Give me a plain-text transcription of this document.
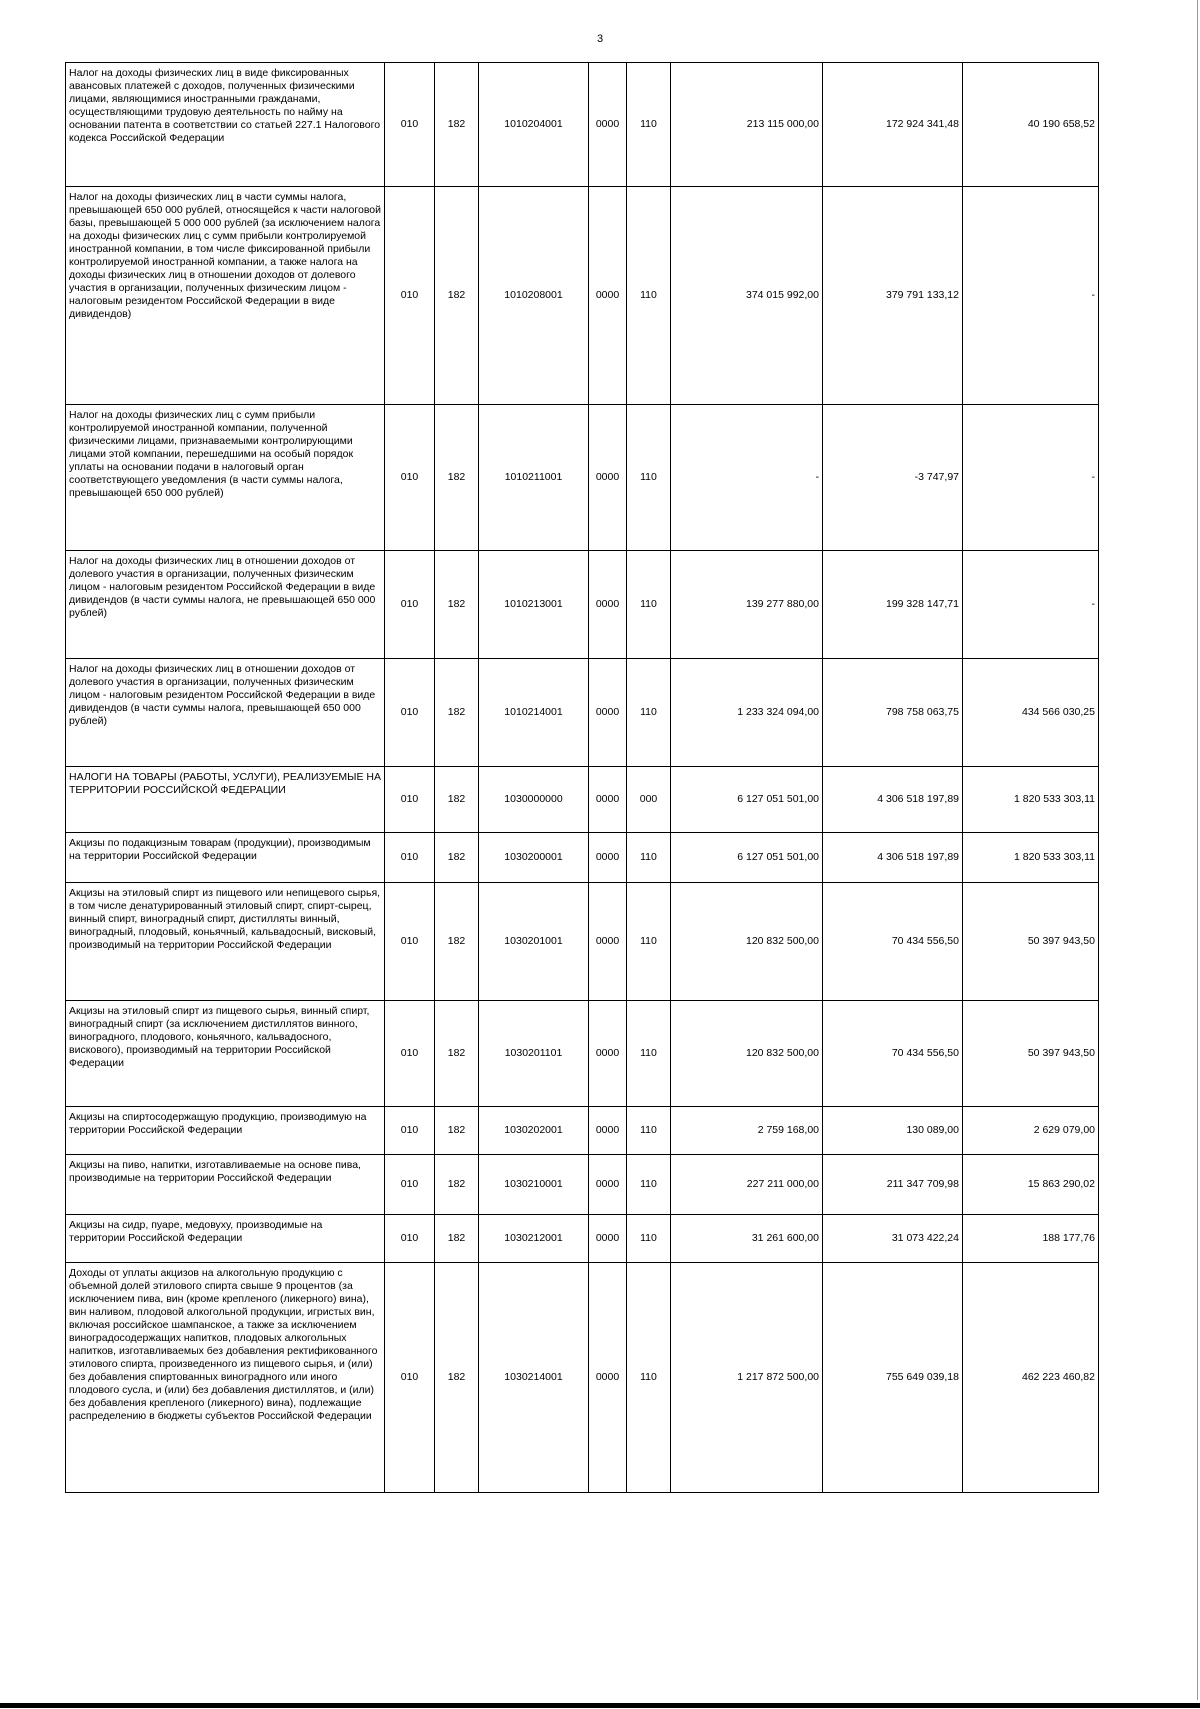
3
Налог на доходы физических лиц в виде фиксированных авансовых платежей с доходов, полученных физическими лицами, являющимися иностранными гражданами, осуществляющими трудовую деятельность по найму на основании патента в соответствии со статьей 227.1 Налогового кодекса Российской Федерации	010	182	1010204001	0000	110	213 115 000,00	172 924 341,48	40 190 658,52
Налог на доходы физических лиц в части суммы налога, превышающей 650 000 рублей, относящейся к части налоговой базы, превышающей 5 000 000 рублей (за исключением налога на доходы физических лиц с сумм прибыли контролируемой иностранной компании, в том числе фиксированной прибыли контролируемой иностранной компании, а также налога на доходы физических лиц в отношении доходов от долевого участия в организации, полученных физическим лицом - налоговым резидентом Российской Федерации в виде дивидендов)	010	182	1010208001	0000	110	374 015 992,00	379 791 133,12	-
Налог на доходы физических лиц с сумм прибыли контролируемой иностранной компании, полученной физическими лицами, признаваемыми контролирующими лицами этой компании, перешедшими на особый порядок уплаты на основании подачи в налоговый орган соответствующего уведомления (в части суммы налога, превышающей 650 000 рублей)	010	182	1010211001	0000	110	-	-3 747,97	-
Налог на доходы физических лиц в отношении доходов от долевого участия в организации, полученных физическим лицом - налоговым резидентом Российской Федерации в виде дивидендов (в части суммы налога, не превышающей 650 000 рублей)	010	182	1010213001	0000	110	139 277 880,00	199 328 147,71	-
Налог на доходы физических лиц в отношении доходов от долевого участия в организации, полученных физическим лицом - налоговым резидентом Российской Федерации в виде дивидендов (в части суммы налога, превышающей 650 000 рублей)	010	182	1010214001	0000	110	1 233 324 094,00	798 758 063,75	434 566 030,25
НАЛОГИ НА ТОВАРЫ (РАБОТЫ, УСЛУГИ), РЕАЛИЗУЕМЫЕ НА ТЕРРИТОРИИ РОССИЙСКОЙ ФЕДЕРАЦИИ	010	182	1030000000	0000	000	6 127 051 501,00	4 306 518 197,89	1 820 533 303,11
Акцизы по подакцизным товарам (продукции), производимым на территории Российской Федерации	010	182	1030200001	0000	110	6 127 051 501,00	4 306 518 197,89	1 820 533 303,11
Акцизы на этиловый спирт из пищевого или непищевого сырья, в том числе денатурированный этиловый спирт, спирт-сырец, винный спирт, виноградный спирт, дистилляты винный, виноградный, плодовый, коньячный, кальвадосный, висковый, производимый на территории Российской Федерации	010	182	1030201001	0000	110	120 832 500,00	70 434 556,50	50 397 943,50
Акцизы на этиловый спирт из пищевого сырья, винный спирт, виноградный спирт (за исключением дистиллятов винного, виноградного, плодового, коньячного, кальвадосного, вискового), производимый на территории Российской Федерации	010	182	1030201101	0000	110	120 832 500,00	70 434 556,50	50 397 943,50
Акцизы на спиртосодержащую продукцию, производимую на территории Российской Федерации	010	182	1030202001	0000	110	2 759 168,00	130 089,00	2 629 079,00
Акцизы на пиво, напитки, изготавливаемые на основе пива, производимые на территории Российской Федерации	010	182	1030210001	0000	110	227 211 000,00	211 347 709,98	15 863 290,02
Акцизы на сидр, пуаре, медовуху, производимые на территории Российской Федерации	010	182	1030212001	0000	110	31 261 600,00	31 073 422,24	188 177,76
Доходы от уплаты акцизов на алкогольную продукцию с объемной долей этилового спирта свыше 9 процентов (за исключением пива, вин (кроме крепленого (ликерного) вина), вин наливом, плодовой алкогольной продукции, игристых вин, включая российское шампанское, а также за исключением виноградосодержащих напитков, плодовых алкогольных напитков, изготавливаемых без добавления ректификованного этилового спирта, произведенного из пищевого сырья, и (или) без добавления спиртованных виноградного или иного плодового сусла, и (или) без добавления дистиллятов, и (или) без добавления крепленого (ликерного) вина), подлежащие распределению в бюджеты субъектов Российской Федерации	010	182	1030214001	0000	110	1 217 872 500,00	755 649 039,18	462 223 460,82
